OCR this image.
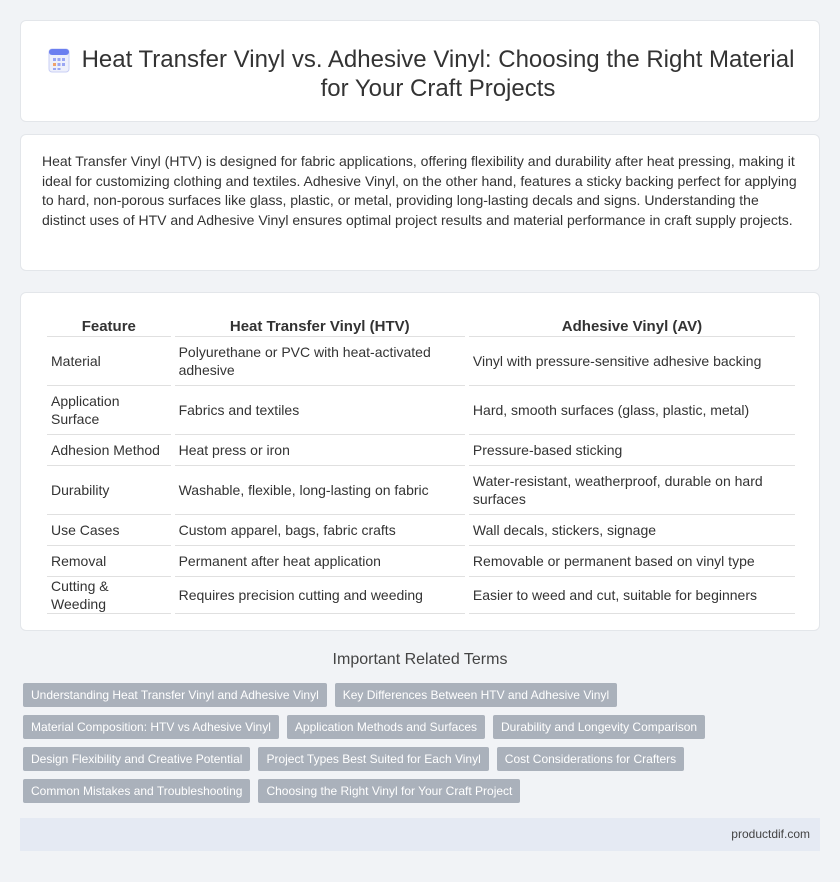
Heat Transfer Vinyl vs. Adhesive Vinyl: Choosing the Right Material for Your Craft Projects

Heat Transfer Vinyl (HTV) is designed for fabric applications, offering flexibility and durability after heat pressing, making it ideal for customizing clothing and textiles. Adhesive Vinyl, on the other hand, features a sticky backing perfect for applying to hard, non-porous surfaces like glass, plastic, or metal, providing long-lasting decals and signs. Understanding the distinct uses of HTV and Adhesive Vinyl ensures optimal project results and material performance in craft supply projects.

Feature	Heat Transfer Vinyl (HTV)	Adhesive Vinyl (AV)
Material	Polyurethane or PVC with heat-activated adhesive	Vinyl with pressure-sensitive adhesive backing
Application Surface	Fabrics and textiles	Hard, smooth surfaces (glass, plastic, metal)
Adhesion Method	Heat press or iron	Pressure-based sticking
Durability	Washable, flexible, long-lasting on fabric	Water-resistant, weatherproof, durable on hard surfaces
Use Cases	Custom apparel, bags, fabric crafts	Wall decals, stickers, signage
Removal	Permanent after heat application	Removable or permanent based on vinyl type
Cutting & Weeding	Requires precision cutting and weeding	Easier to weed and cut, suitable for beginners
Important Related Terms
Understanding Heat Transfer Vinyl and Adhesive Vinyl	Key Differences Between HTV and Adhesive Vinyl
Material Composition: HTV vs Adhesive Vinyl	Application Methods and Surfaces	Durability and Longevity Comparison
Design Flexibility and Creative Potential	Project Types Best Suited for Each Vinyl	Cost Considerations for Crafters
Common Mistakes and Troubleshooting	Choosing the Right Vinyl for Your Craft Project
productdif.com
